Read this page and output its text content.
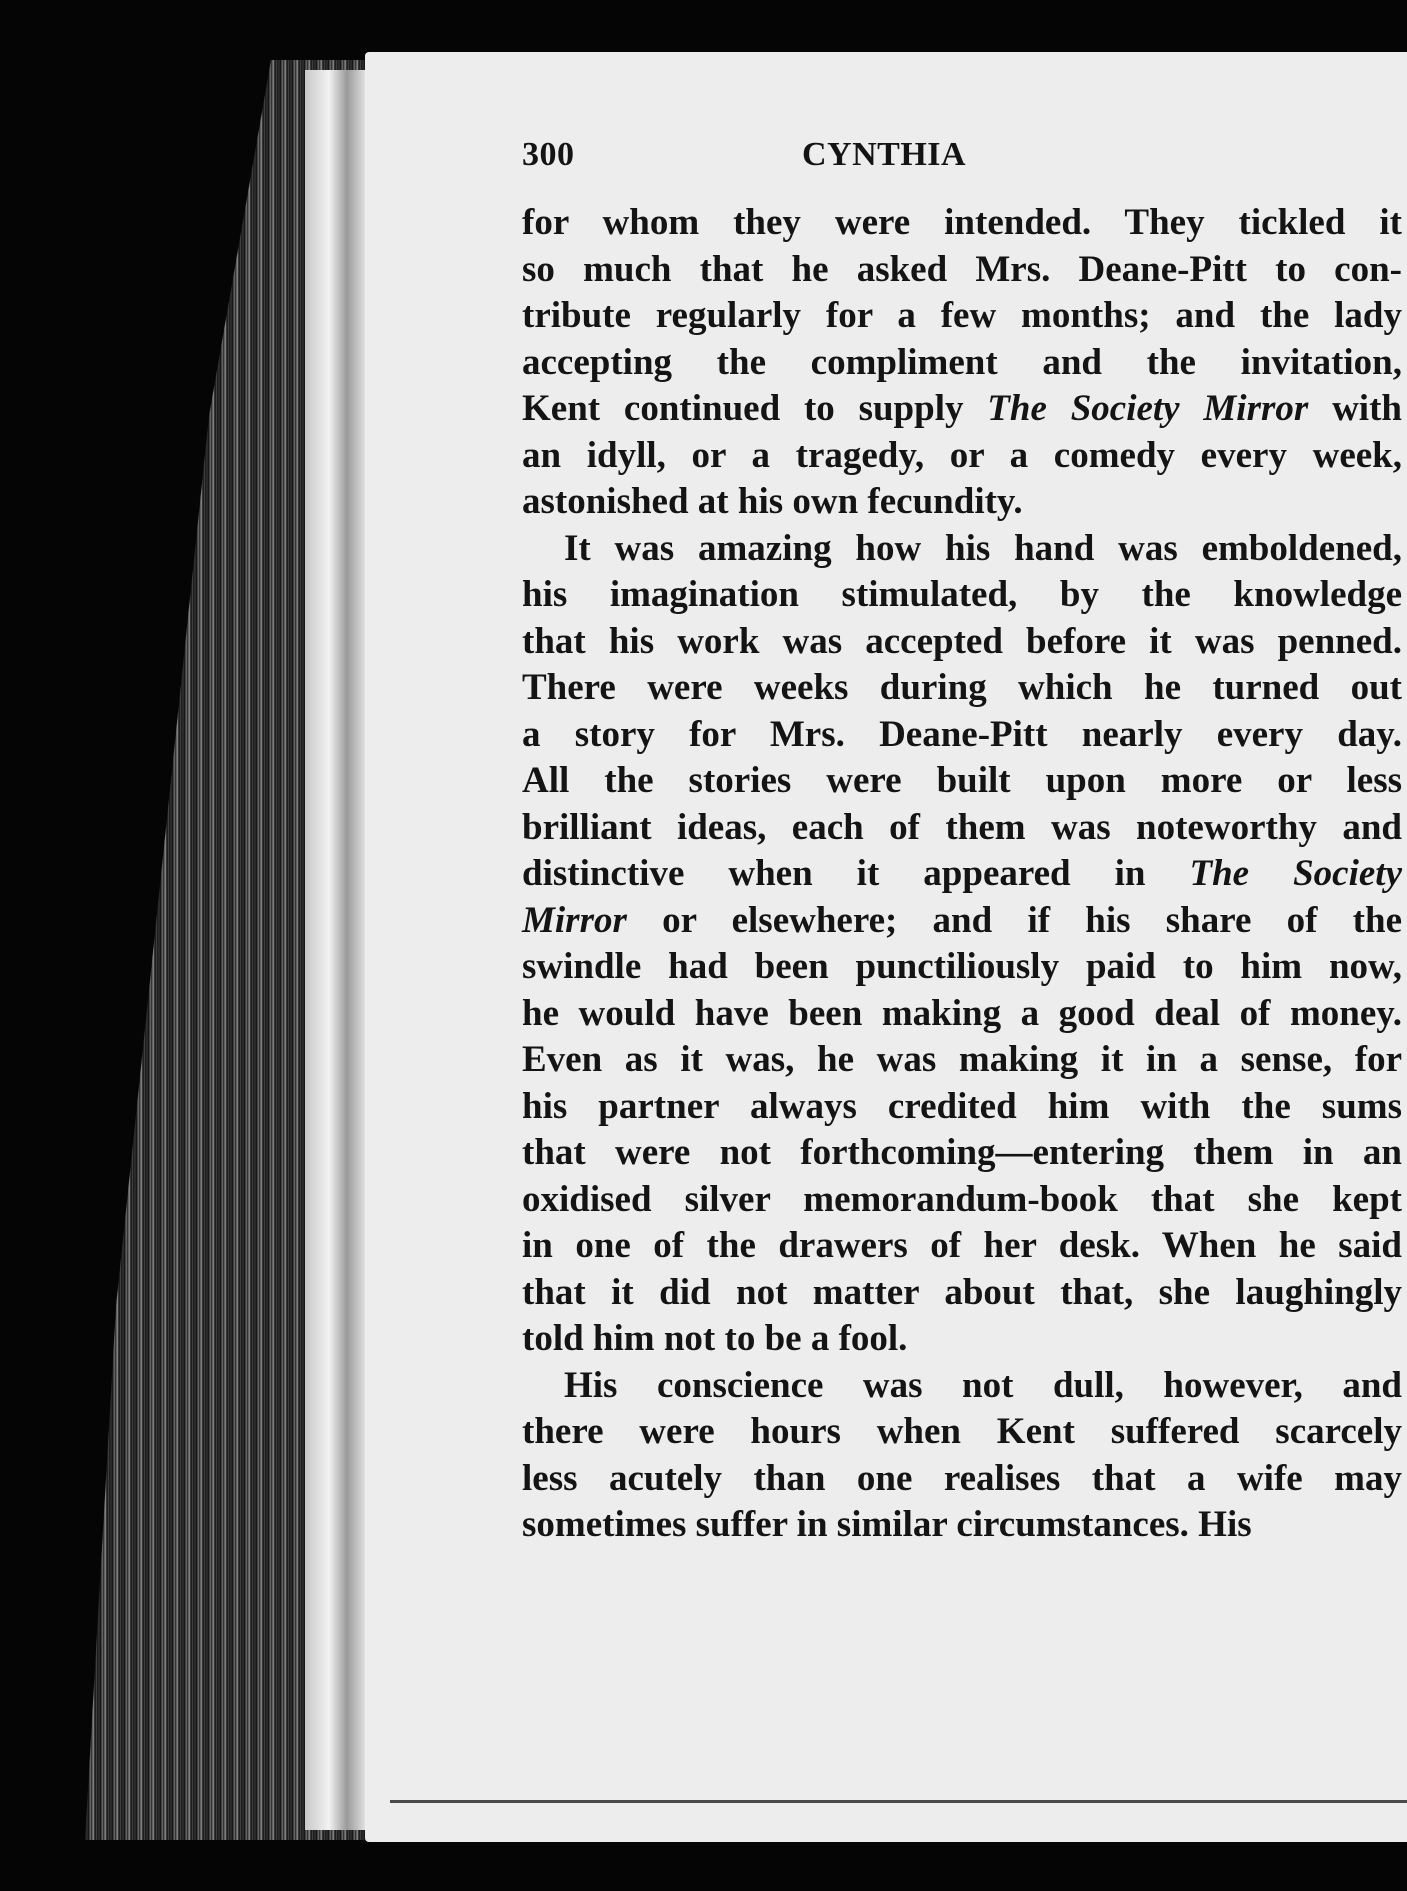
300	CYNTHIA
for whom they were intended. They tickled it
so much that he asked Mrs. Deane-Pitt to con-
tribute regularly for a few months; and the lady
accepting the compliment and the invitation,
Kent continued to supply The Society Mirror with
an idyll, or a tragedy, or a comedy every week,
astonished at his own fecundity.
It was amazing how his hand was emboldened,
his imagination stimulated, by the knowledge
that his work was accepted before it was penned.
There were weeks during which he turned out
a story for Mrs. Deane-Pitt nearly every day.
All the stories were built upon more or less
brilliant ideas, each of them was noteworthy and
distinctive when it appeared in The Society
Mirror or elsewhere; and if his share of the
swindle had been punctiliously paid to him now,
he would have been making a good deal of money.
Even as it was, he was making it in a sense, for
his partner always credited him with the sums
that were not forthcoming—entering them in an
oxidised silver memorandum-book that she kept
in one of the drawers of her desk. When he said
that it did not matter about that, she laughingly
told him not to be a fool.
His conscience was not dull, however, and
there were hours when Kent suffered scarcely
less acutely than one realises that a wife may
sometimes suffer in similar circumstances. His
